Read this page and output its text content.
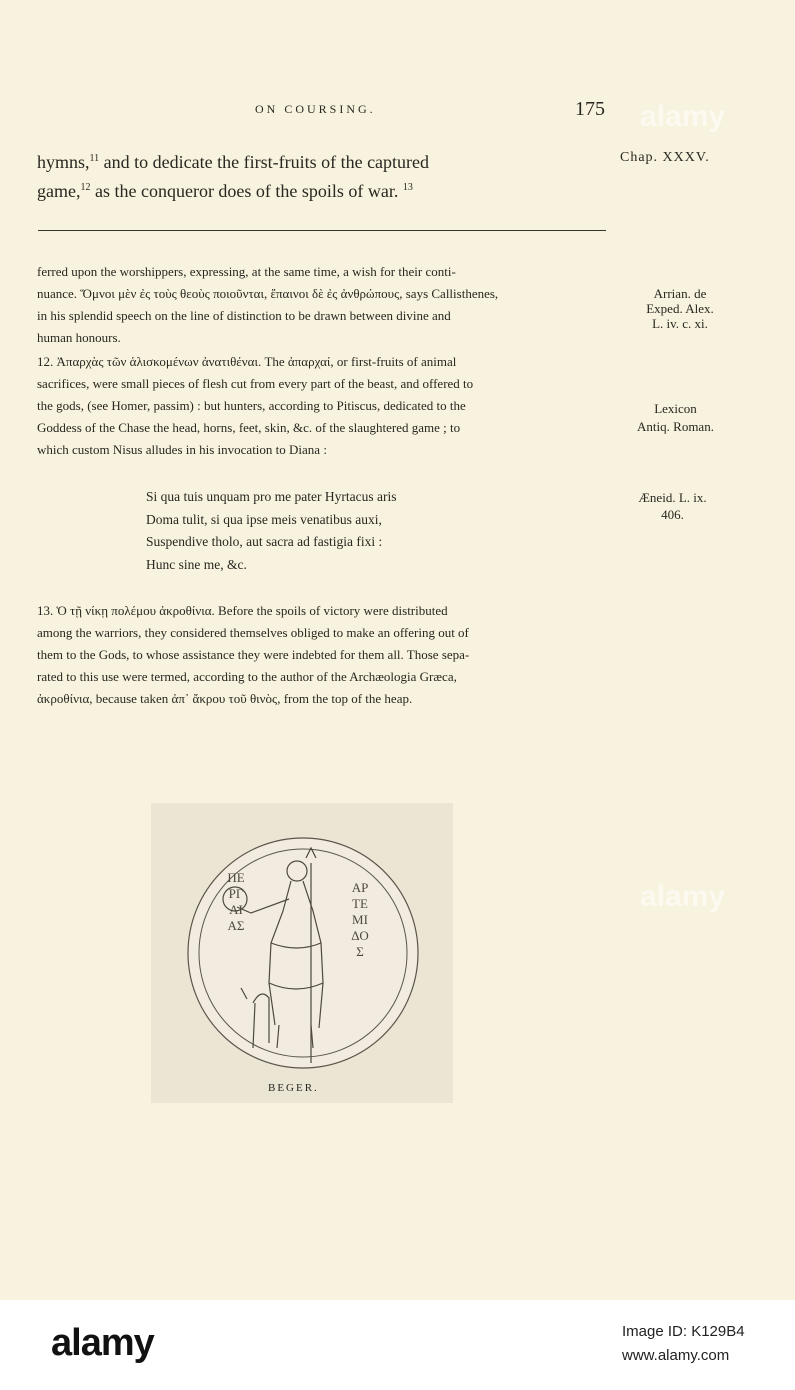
ON COURSING.	175
hymns,$^{11}$ and to dedicate the first-fruits of the captured
game,$^{12}$ as the conqueror does of the spoils of war. $^{13}$
Chap. XXXV.
ferred upon the worshippers, expressing, at the same time, a wish for their conti-
nuance. Ὅμνοι μὲν ἐς τοὺς θεοὺς ποιοῦνται, ἔπαινοι δὲ ἐς ἀνθρώπους, says Callisthenes,
in his splendid speech on the line of distinction to be drawn between divine and
human honours.
Arrian. de
Exped. Alex.
L. iv. c. xi.
12. Ἀπαρχὰς τῶν ἁλισκομένων ἀνατιθέναι. The ἀπαρχαί, or first-fruits of animal
sacrifices, were small pieces of flesh cut from every part of the beast, and offered to
the gods, (see Homer, passim) : but hunters, according to Pitiscus, dedicated to the
Goddess of the Chase the head, horns, feet, skin, &c. of the slaughtered game ; to
which custom Nisus alludes in his invocation to Diana :
Lexicon
Antiq. Roman.
Si qua tuis unquam pro me pater Hyrtacus aris
Doma tulit, si qua ipse meis venatibus auxi,
Suspendive tholo, aut sacra ad fastigia fixi :
Hunc sine me, &c.
Æneid. L. ix.
406.
13. Ὁ τῇ νίκῃ πολέμου ἀκροθίνια. Before the spoils of victory were distributed
among the warriors, they considered themselves obliged to make an offering out of
them to the Gods, to whose assistance they were indebted for them all. Those sepa-
rated to this use were termed, according to the author of the Archæologia Græca,
ἀκροθίνια, because taken ἀπ᾽ ἄκρου τοῦ θινὸς, from the top of the heap.
ΠΕΡΓΑΙΑΣ
ΑΡΤΕΜΙΔΟΣ
BEGER.
alamy
alamy
alamy	Image ID: K129B4
www.alamy.com
